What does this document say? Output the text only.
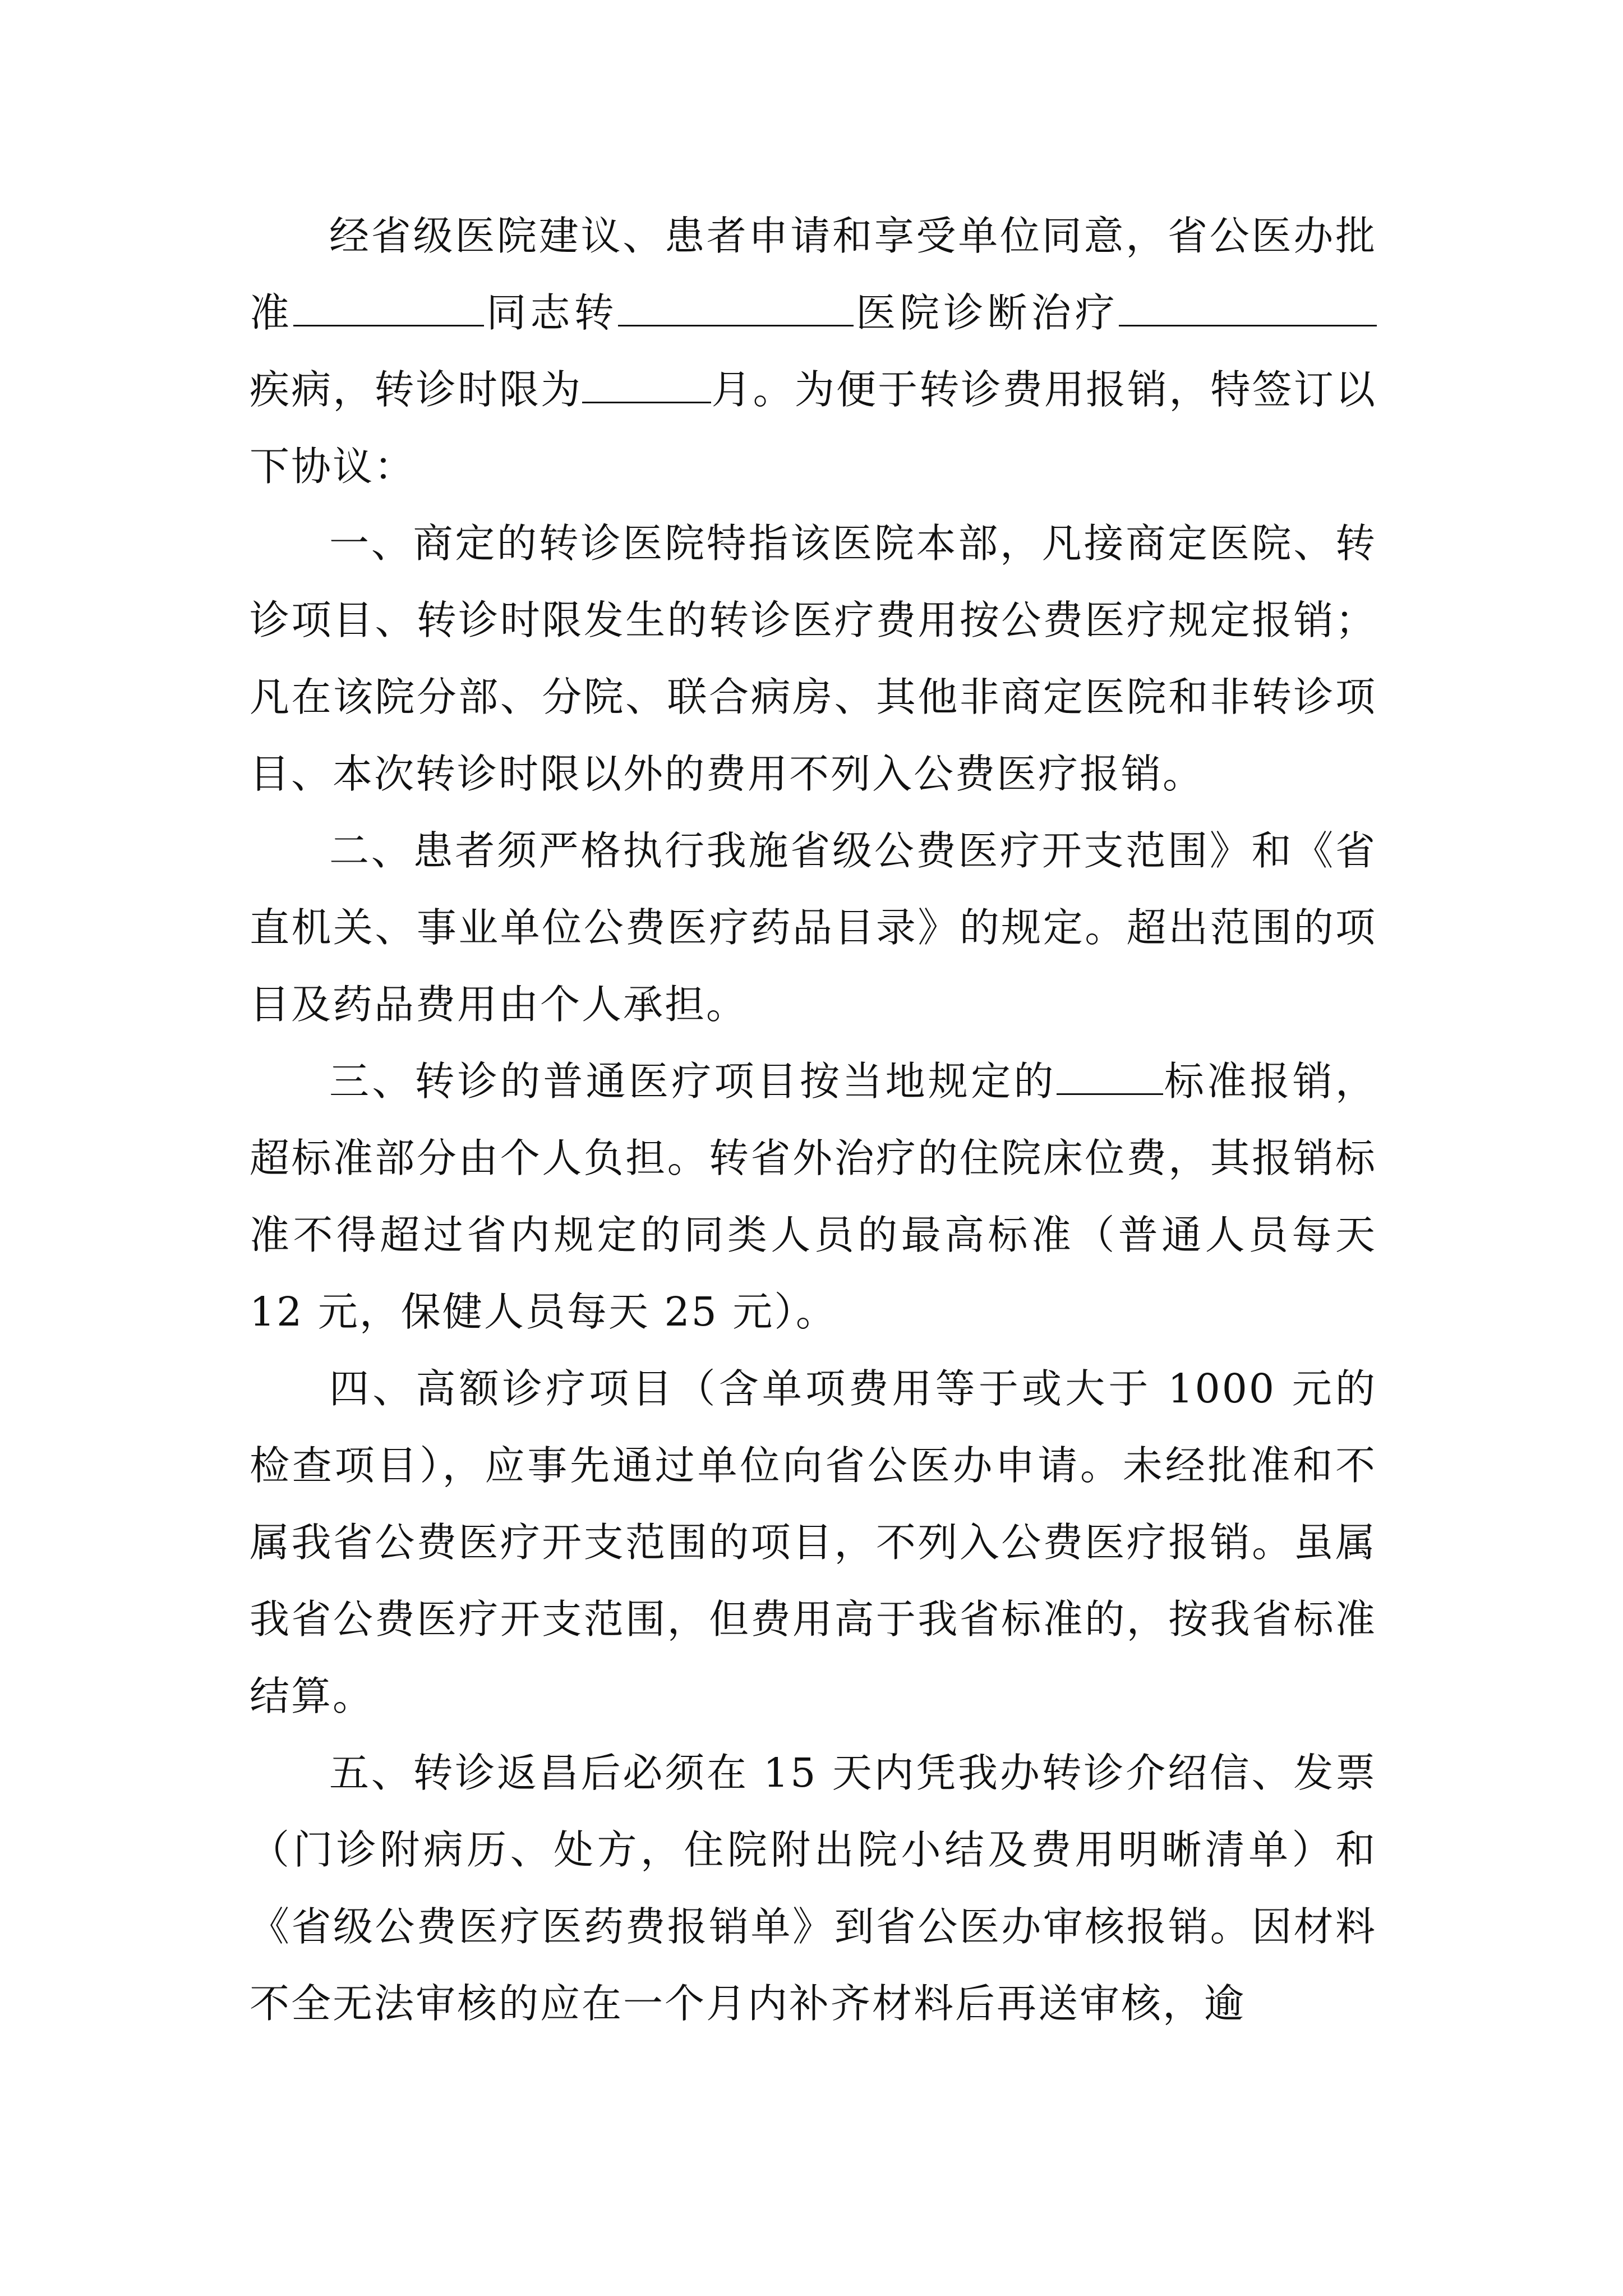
经省级医院建议、患者申请和享受单位同意，省公医办批准	同志转	医院诊断治疗疾病，转诊时限为	月。为便于转诊费用报销，特签订以下协议：

一、商定的转诊医院特指该医院本部，凡接商定医院、转诊项目、转诊时限发生的转诊医疗费用按公费医疗规定报销；凡在该院分部、分院、联合病房、其他非商定医院和非转诊项目、本次转诊时限以外的费用不列入公费医疗报销。

二、患者须严格执行我施省级公费医疗开支范围》和《省直机关、事业单位公费医疗药品目录》的规定。超出范围的项目及药品费用由个人承担。

三、转诊的普通医疗项目按当地规定的	标准报销，超标准部分由个人负担。转省外治疗的住院床位费，其报销标准不得超过省内规定的同类人员的最高标准（普通人员每天 12 元，保健人员每天 25 元）。

四、高额诊疗项目（含单项费用等于或大于 1000 元的检查项目），应事先通过单位向省公医办申请。未经批准和不属我省公费医疗开支范围的项目，不列入公费医疗报销。虽属我省公费医疗开支范围，但费用高于我省标准的，按我省标准结算。

五、转诊返昌后必须在 15 天内凭我办转诊介绍信、发票（门诊附病历、处方，住院附出院小结及费用明晰清单）和《省级公费医疗医药费报销单》到省公医办审核报销。因材料不全无法审核的应在一个月内补齐材料后再送审核，逾
